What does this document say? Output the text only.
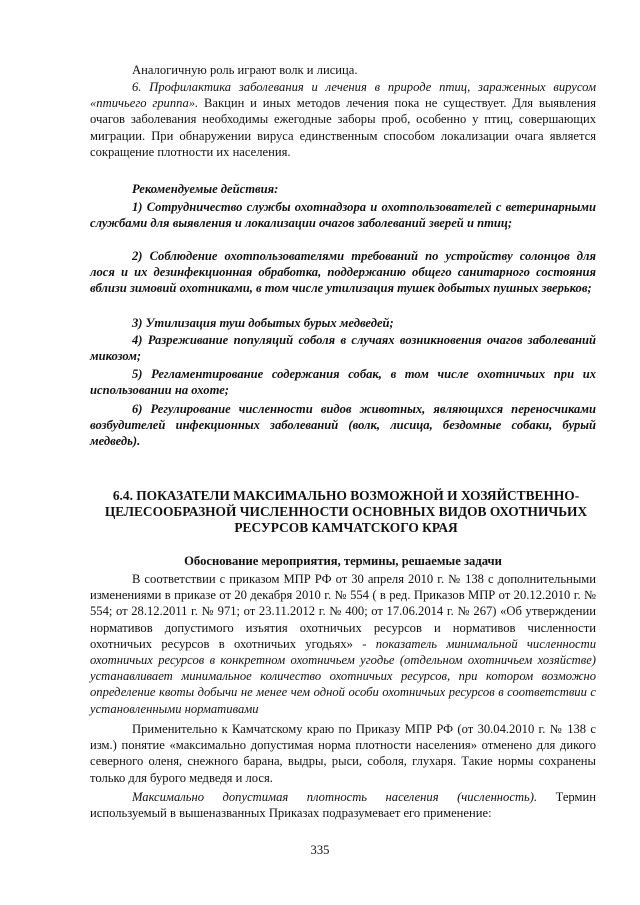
Аналогичную роль играют волк и лисица.

6. Профилактика заболевания и лечения в природе птиц, зараженных вирусом «птичьего гриппа». Вакцин и иных методов лечения пока не существует. Для выявления очагов заболевания необходимы ежегодные заборы проб, особенно у птиц, совершающих миграции. При обнаружении вируса единственным способом локализации очага является сокращение плотности их населения.

Рекомендуемые действия:

1) Сотрудничество службы охотнадзора и охотпользователей с ветеринарными службами для выявления и локализации очагов заболеваний зверей и птиц;

2) Соблюдение охотпользователями требований по устройству солонцов для лося и их дезинфекционная обработка, поддержанию общего санитарного состояния вблизи зимовий охотниками, в том числе утилизация тушек добытых пушных зверьков;

3) Утилизация туш добытых бурых медведей;

4) Разреживание популяций соболя в случаях возникновения очагов заболеваний микозом;

5) Регламентирование содержания собак, в том числе охотничьих при их использовании на охоте;

6) Регулирование численности видов животных, являющихся переносчиками возбудителей инфекционных заболеваний (волк, лисица, бездомные собаки, бурый медведь).

6.4. ПОКАЗАТЕЛИ МАКСИМАЛЬНО ВОЗМОЖНОЙ И ХОЗЯЙСТВЕННО-ЦЕЛЕСООБРАЗНОЙ ЧИСЛЕННОСТИ ОСНОВНЫХ ВИДОВ ОХОТНИЧЬИХ РЕСУРСОВ КАМЧАТСКОГО КРАЯ

Обоснование мероприятия, термины, решаемые задачи

В соответствии с приказом МПР РФ от 30 апреля 2010 г. № 138 с дополнительными изменениями в приказе от 20 декабря 2010 г. № 554 ( в ред. Приказов МПР от 20.12.2010 г. № 554; от 28.12.2011 г. № 971; от 23.11.2012 г. № 400; от 17.06.2014 г. № 267) «Об утверждении нормативов допустимого изъятия охотничьих ресурсов и нормативов численности охотничьих ресурсов в охотничьих угодьях» - показатель минимальной численности охотничьих ресурсов в конкретном охотничьем угодье (отдельном охотничьем хозяйстве) устанавливает минимальное количество охотничьих ресурсов, при котором возможно определение квоты добычи не менее чем одной особи охотничьих ресурсов в соответствии с установленными нормативами

Применительно к Камчатскому краю по Приказу МПР РФ (от 30.04.2010 г. № 138 с изм.) понятие «максимально допустимая норма плотности населения» отменено для дикого северного оленя, снежного барана, выдры, рыси, соболя, глухаря. Такие нормы сохранены только для бурого медведя и лося.

Максимально допустимая плотность населения (численность). Термин используемый в вышеназванных Приказах подразумевает его применение:

335
